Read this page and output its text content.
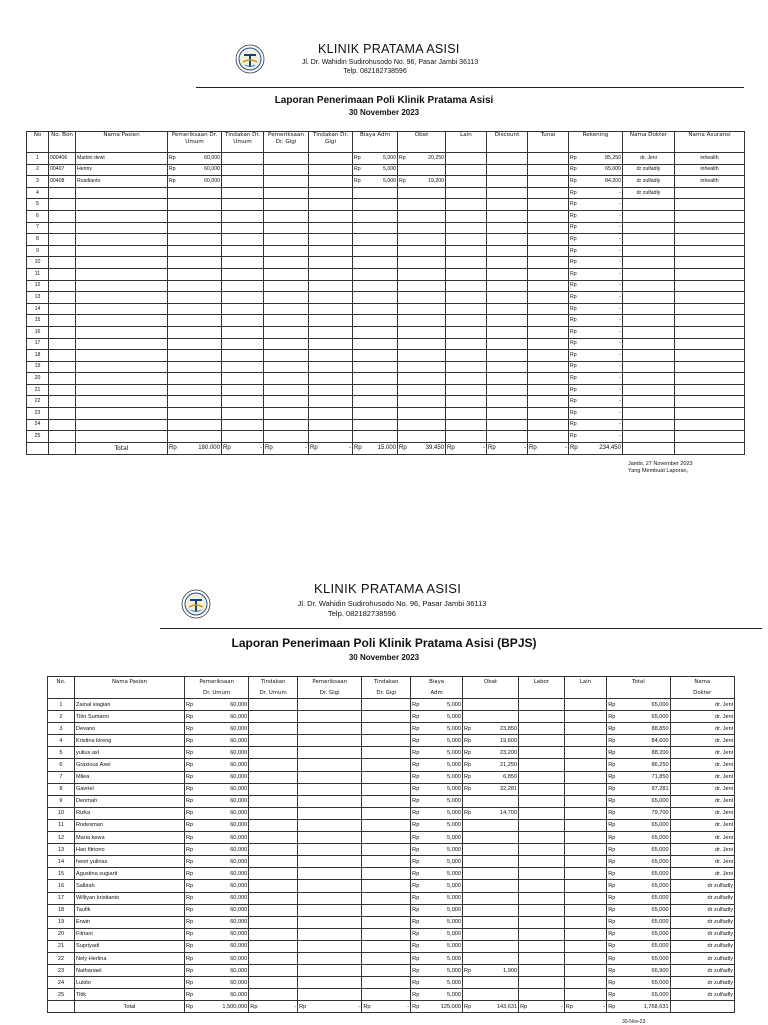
KLINIK PRATAMA ASISI
Jl. Dr. Wahidin Sudirohusodo No. 96, Pasar Jambi 36113
Telp. 082182738596
Laporan Penerimaan Poli Klinik Pratama Asisi
30 November 2023
No	No. Bon	Nama Pasien	Pemeriksaan Dr. Umum	Tindakan Dr. Umum	Pemeriksaan Dr. Gigi	Tindakan Dr. Gigi	Biaya Adm	Obat	Lain	Discount	Tunai	Rekening	Nama Dokter	Nama Asuransi
1	000406	Martini dewi	Rp 60,000				Rp 5,000	Rp 20,250				Rp 85,250	dr. Jeni	inhealth
2	00407	Henny	Rp 60,000				Rp 5,000					Rp 65,000	dr zulfadly	inhealth
3	00408	Rusdianto	Rp 60,000				Rp 5,000	Rp 19,200				Rp 84,200	dr zulfadly	inhealth
4												Rp -	dr zulfadly	
5												Rp -		

6												Rp -		

7												Rp -		

8												Rp -		

9												Rp -		

10												Rp -		

11												Rp -		

12												Rp -		

13												Rp -		

14												Rp -		

15												Rp -		

16												Rp -		

17												Rp -		

18												Rp -		

19												Rp -		

20												Rp -		

21												Rp -		

22												Rp -		

23												Rp -		

24												Rp -		

25												Rp -		

		Total	Rp 180.000	Rp -	Rp -	Rp -	Rp 15.000	Rp 39.450	Rp -	Rp -	Rp -	Rp 234.450		

Jambi, 27 November 2023
Yang Membuat Laporan,
KLINIK PRATAMA ASISI
Jl. Dr. Wahidin Sudirohusodo No. 96, Pasar Jambi 36113
Telp. 082182738596
Laporan Penerimaan Poli Klinik Pratama Asisi (BPJS)
30 November 2023
No.	Nama Pasien	Pemeriksaan	Tindakan	Pemeriksaan	Tindakan	Biaya	Obat	Labor	Lain	Total	Nama
		Dr. Umum	Dr. Umum	Dr. Gigi	Dr. Gigi	Adm					Dokter
1	Zainal siagian	Rp 60,000				Rp 5,000				Rp 65,000	dr. Jeni
2	Titin Sumarni	Rp 60,000				Rp 5,000				Rp 65,000	dr. Jeni
3	Devano	Rp 60,000				Rp 5,000	Rp 23,850			Rp 88,850	dr. Jeni
4	Kristina klreng	Rp 60,000				Rp 5,000	Rp 19,600			Rp 84,600	dr. Jeni
5	yulius axl	Rp 60,000				Rp 5,000	Rp 23,200			Rp 88,200	dr. Jeni
6	Graxious Axel	Rp 60,000				Rp 5,000	Rp 21,250			Rp 86,250	dr. Jeni
7	Milea	Rp 60,000				Rp 5,000	Rp 6,850			Rp 71,850	dr. Jeni
8	Gavriel	Rp 60,000				Rp 5,000	Rp 32,281			Rp 97,281	dr. Jeni
9	Derimah	Rp 60,000				Rp 5,000				Rp 65,000	dr. Jeni
10	Rizka	Rp 60,000				Rp 5,000	Rp 14,700			Rp 79,700	dr. Jeni
11	Rodesman	Rp 60,000				Rp 5,000				Rp 65,000	dr. Jeni
12	Maria kewa	Rp 60,000				Rp 5,000				Rp 65,000	dr. Jeni
13	Hari fitriono	Rp 60,000				Rp 5,000				Rp 65,000	dr. Jeni
14	henri yulinas	Rp 60,000				Rp 5,000				Rp 65,000	dr. Jeni
15	Agustina sugiarti	Rp 60,000				Rp 5,000				Rp 65,000	dr. Jeni
16	Salbiah	Rp 60,000				Rp 5,000				Rp 65,000	dr zulfadly
17	Williyan kristianto	Rp 60,000				Rp 5,000				Rp 65,000	dr zulfadly
18	Taufik	Rp 60,000				Rp 5,000				Rp 65,000	dr zulfadly
19	Erwin	Rp 60,000				Rp 5,000				Rp 65,000	dr zulfadly
20	Fitriani	Rp 60,000				Rp 5,000				Rp 65,000	dr zulfadly
21	Supriyadi	Rp 60,000				Rp 5,000				Rp 65,000	dr zulfadly
22	Nely Herlina	Rp 60,000				Rp 5,000				Rp 65,000	dr zulfadly
23	Nathanael	Rp 60,000				Rp 5,000	Rp 1,900			Rp 66,900	dr zulfadly
24	Lukito	Rp 60,000				Rp 5,000				Rp 65,000	dr zulfadly
25	Titik	Rp 60,000				Rp 5,000				Rp 65,000	dr zulfadly
	Total	Rp 1,500,000	Rp -	Rp -	Rp -	Rp 125,000	Rp 143,631	Rp -	Rp -	Rp 1,768,631	

30-Nov-23
